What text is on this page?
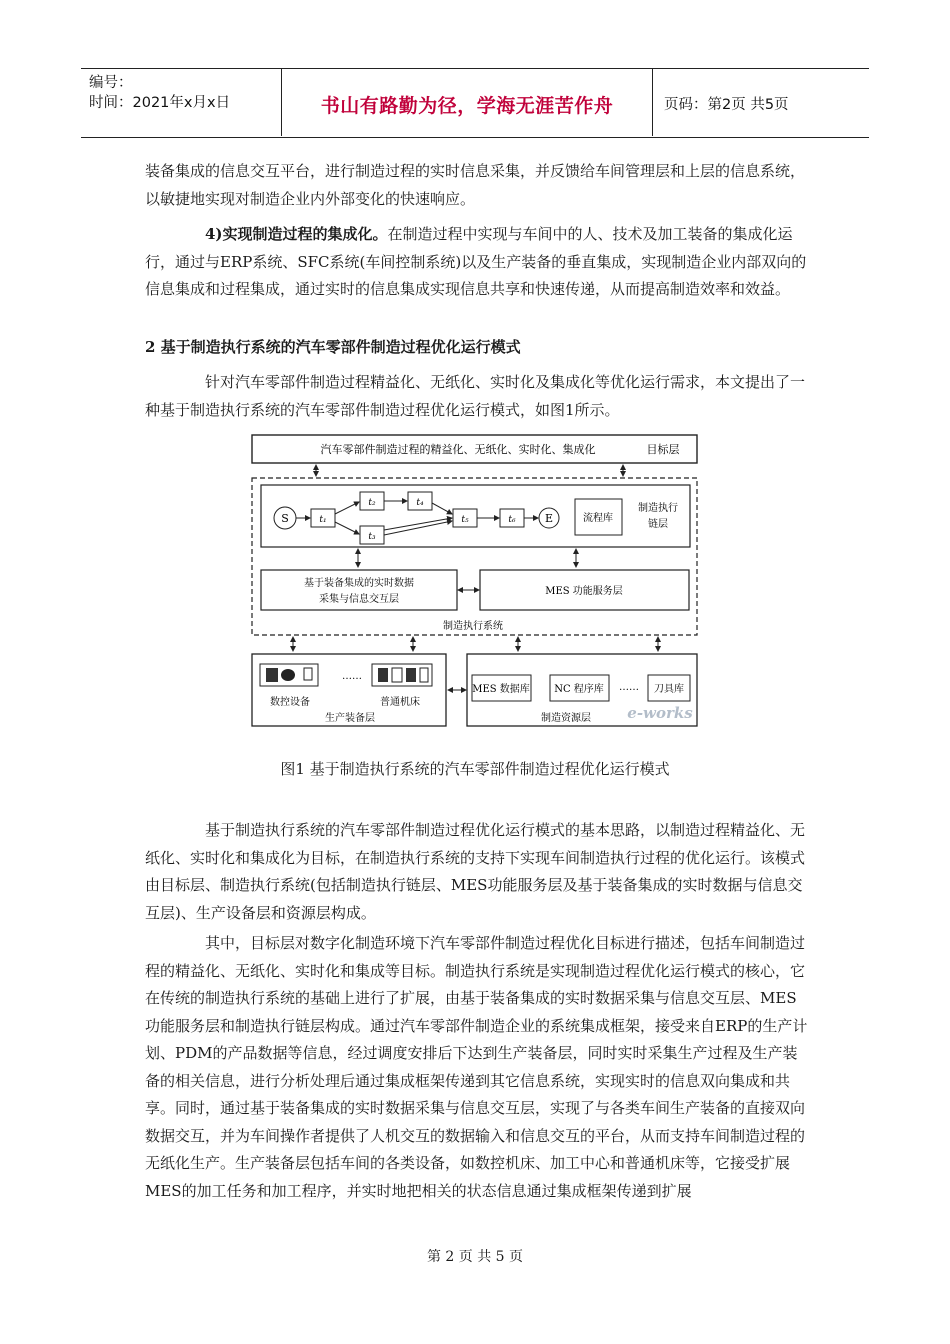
编号：
时间：2021年x月x日	书山有路勤为径，学海无涯苦作舟	页码：第2页 共5页

装备集成的信息交互平台，进行制造过程的实时信息采集，并反馈给车间管理层和上层的信息系统，以敏捷地实现对制造企业内外部变化的快速响应。

4)实现制造过程的集成化。在制造过程中实现与车间中的人、技术及加工装备的集成化运行，通过与ERP系统、SFC系统(车间控制系统)以及生产装备的垂直集成，实现制造企业内部双向的信息集成和过程集成，通过实时的信息集成实现信息共享和快速传递，从而提高制造效率和效益。

2 基于制造执行系统的汽车零部件制造过程优化运行模式

针对汽车零部件制造过程精益化、无纸化、实时化及集成化等优化运行需求，本文提出了一种基于制造执行系统的汽车零部件制造过程优化运行模式，如图1所示。

汽车零部件制造过程的精益化、无纸化、实时化、集成化	目标层
S	t₁
t₂
t₃
t₄
t₅	t₆	E	流程库
制造执行
链层
基于装备集成的实时数据
采集与信息交互层
MES 功能服务层
制造执行系统
……
数控设备	普通机床
生产装备层
MES 数据库 NC 程序库 …… 刀具库
制造资源层 e-works
图1 基于制造执行系统的汽车零部件制造过程优化运行模式

基于制造执行系统的汽车零部件制造过程优化运行模式的基本思路，以制造过程精益化、无纸化、实时化和集成化为目标，在制造执行系统的支持下实现车间制造执行过程的优化运行。该模式由目标层、制造执行系统(包括制造执行链层、MES功能服务层及基于装备集成的实时数据与信息交互层)、生产设备层和资源层构成。

其中，目标层对数字化制造环境下汽车零部件制造过程优化目标进行描述，包括车间制造过程的精益化、无纸化、实时化和集成等目标。制造执行系统是实现制造过程优化运行模式的核心，它在传统的制造执行系统的基础上进行了扩展，由基于装备集成的实时数据采集与信息交互层、MES功能服务层和制造执行链层构成。通过汽车零部件制造企业的系统集成框架，接受来自ERP的生产计划、PDM的产品数据等信息，经过调度安排后下达到生产装备层，同时实时采集生产过程及生产装备的相关信息，进行分析处理后通过集成框架传递到其它信息系统，实现实时的信息双向集成和共享。同时，通过基于装备集成的实时数据采集与信息交互层，实现了与各类车间生产装备的直接双向数据交互，并为车间操作者提供了人机交互的数据输入和信息交互的平台，从而支持车间制造过程的无纸化生产。生产装备层包括车间的各类设备，如数控机床、加工中心和普通机床等，它接受扩展MES的加工任务和加工程序，并实时地把相关的状态信息通过集成框架传递到扩展

第 2 页 共 5 页
